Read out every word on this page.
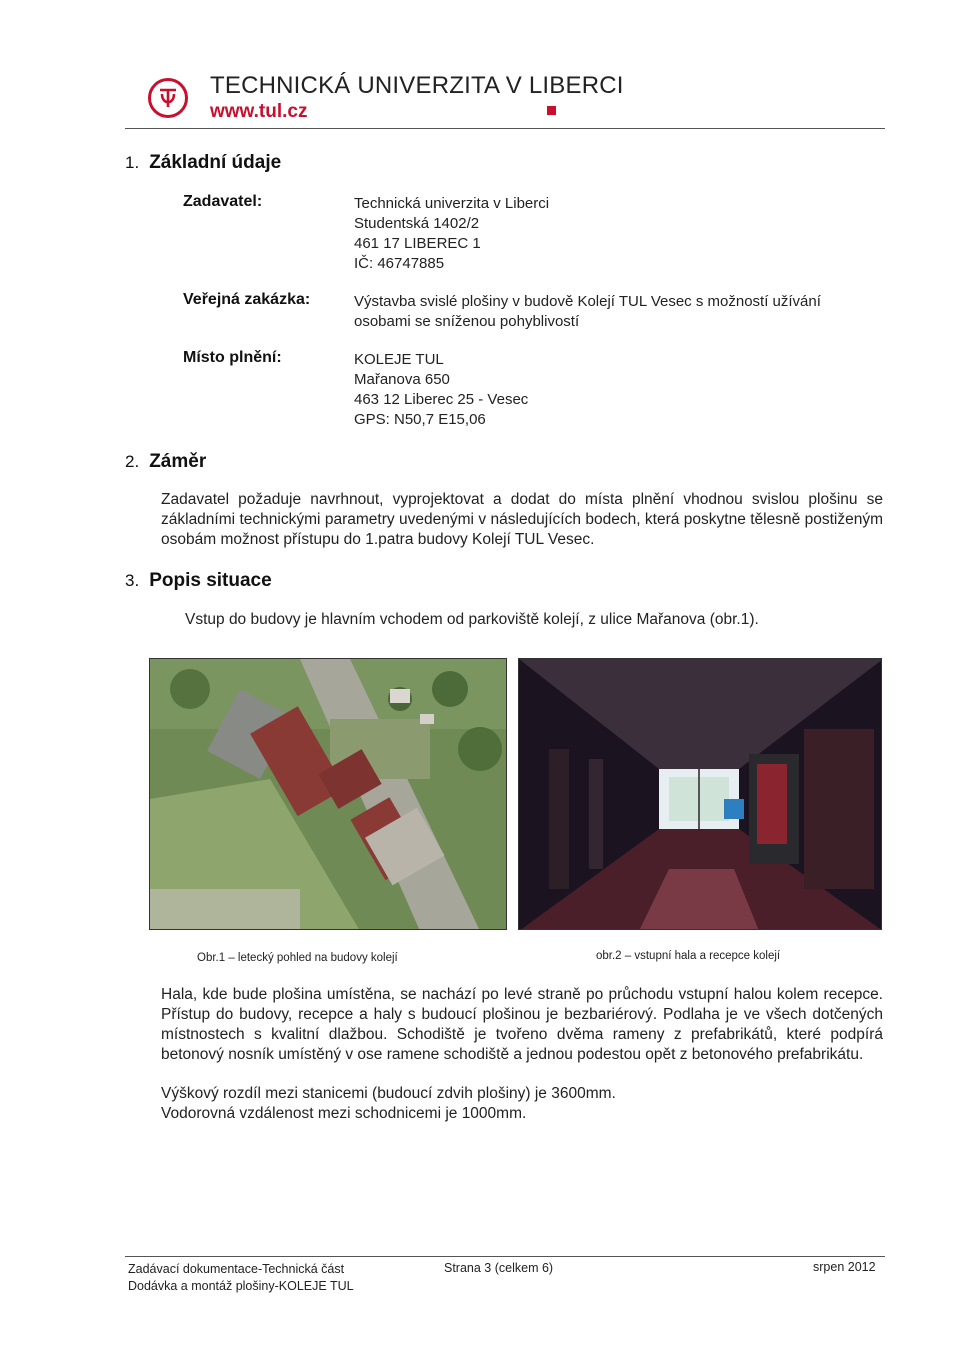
TECHNICKÁ UNIVERZITA V LIBERCI
www.tul.cz
1. Základní údaje
Zadavatel:	Technická univerzita v Liberci
Studentská 1402/2
461 17 LIBEREC 1
IČ: 46747885
Veřejná zakázka:	Výstavba svislé plošiny v budově Kolejí TUL Vesec s možností užívání
osobami se sníženou pohyblivostí
Místo plnění:	KOLEJE TUL
Mařanova 650
463 12 Liberec 25 - Vesec
GPS: N50,7 E15,06
2. Záměr
Zadavatel požaduje navrhnout, vyprojektovat a dodat do místa plnění vhodnou svislou plošinu se základními technickými parametry uvedenými v následujících bodech, která poskytne tělesně postiženým osobám možnost přístupu do 1.patra budovy Kolejí TUL Vesec.
3. Popis situace
Vstup do budovy je hlavním vchodem od parkoviště kolejí, z ulice Mařanova (obr.1).
Obr.1 – letecký pohled na budovy kolejí	obr.2 – vstupní hala a recepce kolejí
Hala, kde bude plošina umístěna, se nachází po levé straně po průchodu vstupní halou kolem recepce. Přístup do budovy, recepce a haly s budoucí plošinou je bezbariérový. Podlaha je ve všech dotčených místnostech s kvalitní dlažbou. Schodiště je tvořeno dvěma rameny z prefabrikátů, které podpírá betonový nosník umístěný v ose ramene schodiště a jednou podestou opět z betonového prefabrikátu.
Výškový rozdíl mezi stanicemi (budoucí zdvih plošiny) je 3600mm.
Vodorovná vzdálenost mezi schodnicemi je 1000mm.
Zadávací dokumentace-Technická část
Dodávka a montáž plošiny-KOLEJE TUL
Strana 3 (celkem 6)	srpen 2012
